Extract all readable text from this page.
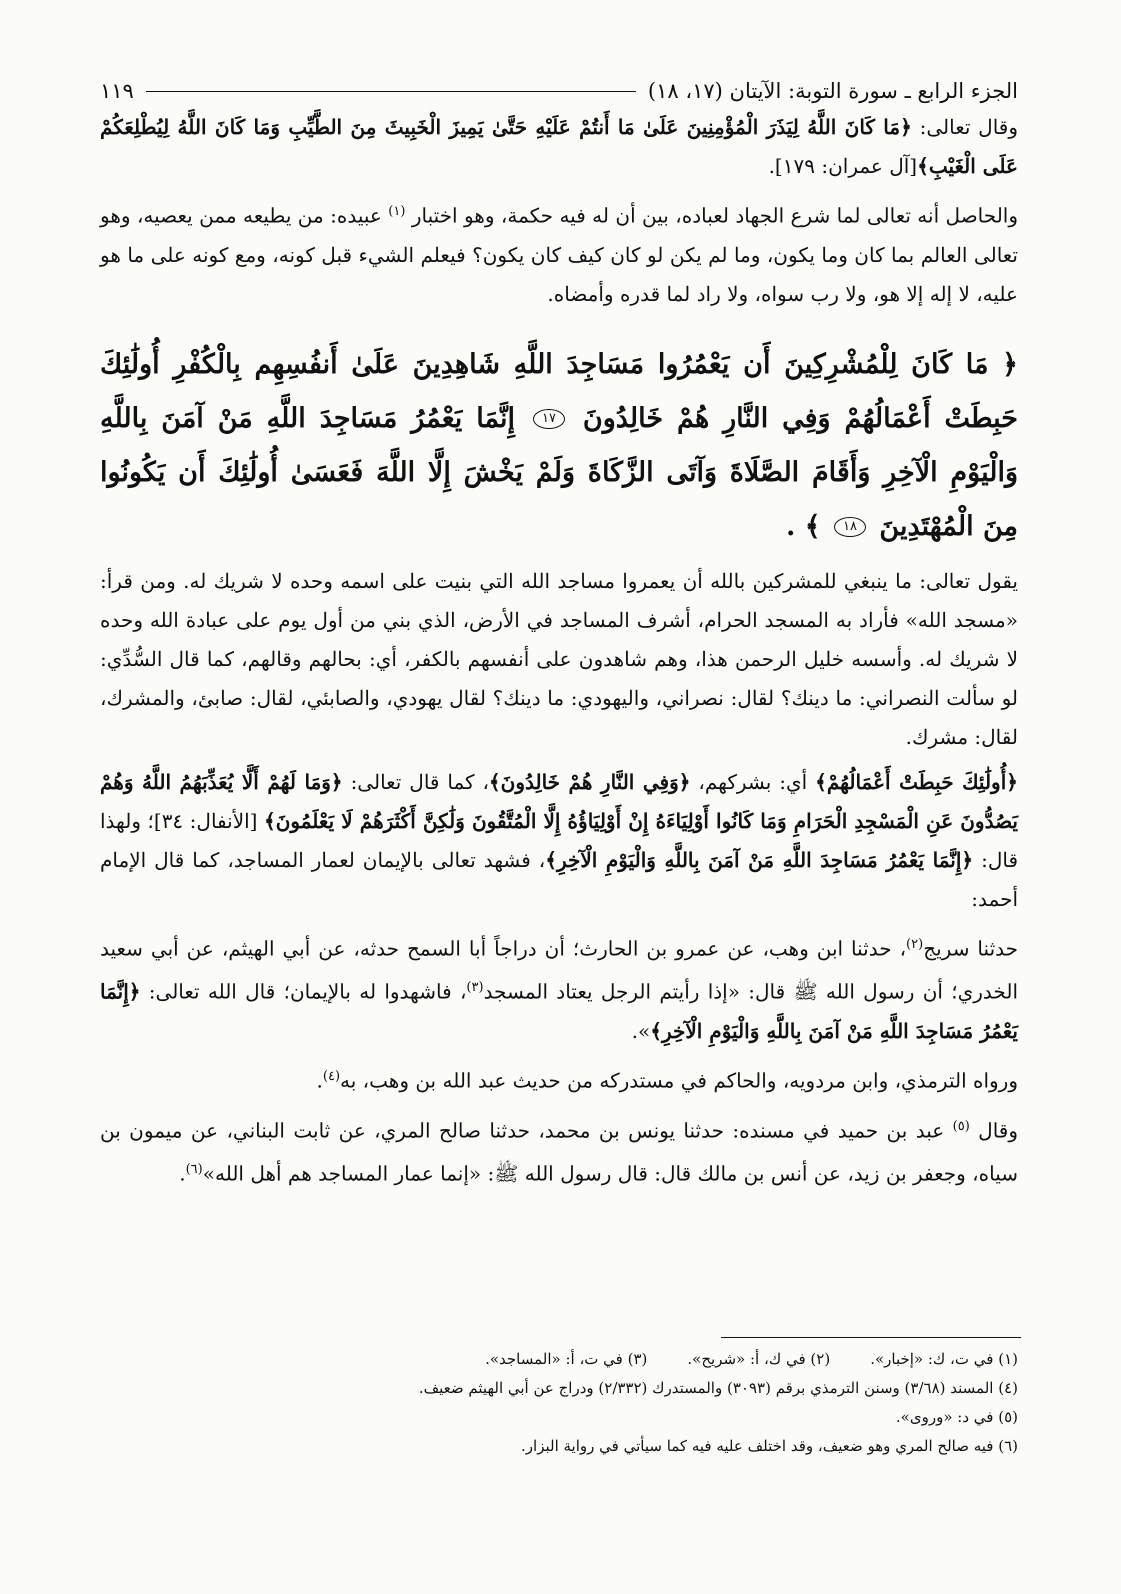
الجزء الرابع ـ سورة التوبة: الآيتان (١٧، ١٨)
١١٩

وقال تعالى: ﴿مَا كَانَ اللَّهُ لِيَذَرَ الْمُؤْمِنِينَ عَلَىٰ مَا أَنتُمْ عَلَيْهِ حَتَّىٰ يَمِيزَ الْخَبِيثَ مِنَ الطَّيِّبِ وَمَا كَانَ اللَّهُ لِيُطْلِعَكُمْ عَلَى الْغَيْبِ﴾[آل عمران: ١٧٩].

والحاصل أنه تعالى لما شرع الجهاد لعباده، بين أن له فيه حكمة، وهو اختبار $^{(١)}$ عبيده: من يطيعه ممن يعصيه، وهو تعالى العالم بما كان وما يكون، وما لم يكن لو كان كيف كان يكون؟ فيعلم الشيء قبل كونه، ومع كونه على ما هو عليه، لا إله إلا هو، ولا رب سواه، ولا راد لما قدره وأمضاه.

﴿ مَا كَانَ لِلْمُشْرِكِينَ أَن يَعْمُرُوا مَسَاجِدَ اللَّهِ شَاهِدِينَ عَلَىٰ أَنفُسِهِم بِالْكُفْرِ أُولَٰئِكَ حَبِطَتْ أَعْمَالُهُمْ وَفِي النَّارِ هُمْ خَالِدُونَ ١٧ إِنَّمَا يَعْمُرُ مَسَاجِدَ اللَّهِ مَنْ آمَنَ بِاللَّهِ وَالْيَوْمِ الْآخِرِ وَأَقَامَ الصَّلَاةَ وَآتَى الزَّكَاةَ وَلَمْ يَخْشَ إِلَّا اللَّهَ فَعَسَىٰ أُولَٰئِكَ أَن يَكُونُوا مِنَ الْمُهْتَدِينَ ١٨ ﴾ .

يقول تعالى: ما ينبغي للمشركين بالله أن يعمروا مساجد الله التي بنيت على اسمه وحده لا شريك له. ومن قرأ: «مسجد الله» فأراد به المسجد الحرام، أشرف المساجد في الأرض، الذي بني من أول يوم على عبادة الله وحده لا شريك له. وأسسه خليل الرحمن هذا، وهم شاهدون على أنفسهم بالكفر، أي: بحالهم وقالهم، كما قال السُّدِّي: لو سألت النصراني: ما دينك؟ لقال: نصراني، واليهودي: ما دينك؟ لقال يهودي، والصابئي، لقال: صابئ، والمشرك، لقال: مشرك.

﴿أُولَٰئِكَ حَبِطَتْ أَعْمَالُهُمْ﴾ أي: بشركهم، ﴿وَفِي النَّارِ هُمْ خَالِدُونَ﴾، كما قال تعالى: ﴿وَمَا لَهُمْ أَلَّا يُعَذِّبَهُمُ اللَّهُ وَهُمْ يَصُدُّونَ عَنِ الْمَسْجِدِ الْحَرَامِ وَمَا كَانُوا أَوْلِيَاءَهُ إِنْ أَوْلِيَاؤُهُ إِلَّا الْمُتَّقُونَ وَلَٰكِنَّ أَكْثَرَهُمْ لَا يَعْلَمُونَ﴾ [الأنفال: ٣٤]؛ ولهذا قال: ﴿إِنَّمَا يَعْمُرُ مَسَاجِدَ اللَّهِ مَنْ آمَنَ بِاللَّهِ وَالْيَوْمِ الْآخِرِ﴾، فشهد تعالى بالإيمان لعمار المساجد، كما قال الإمام أحمد:

حدثنا سريج$^{(٢)}$، حدثنا ابن وهب، عن عمرو بن الحارث؛ أن دراجاً أبا السمح حدثه، عن أبي الهيثم، عن أبي سعيد الخدري؛ أن رسول الله ﷺ قال: «إذا رأيتم الرجل يعتاد المسجد$^{(٣)}$، فاشهدوا له بالإيمان؛ قال الله تعالى: ﴿إِنَّمَا يَعْمُرُ مَسَاجِدَ اللَّهِ مَنْ آمَنَ بِاللَّهِ وَالْيَوْمِ الْآخِرِ﴾».

ورواه الترمذي، وابن مردويه، والحاكم في مستدركه من حديث عبد الله بن وهب، به$^{(٤)}$.

وقال $^{(٥)}$ عبد بن حميد في مسنده: حدثنا يونس بن محمد، حدثنا صالح المري، عن ثابت البناني، عن ميمون بن سياه، وجعفر بن زيد، عن أنس بن مالك قال: قال رسول الله ﷺ: «إنما عمار المساجد هم أهل الله»$^{(٦)}$.

(١) في ت، ك: «إخبار».
(٢) في ك، أ: «شريح».
(٣) في ت، أ: «المساجد».

(٤) المسند (٣/٦٨) وسنن الترمذي برقم (٣٠٩٣) والمستدرك (٢/٣٣٢) ودراج عن أبي الهيثم ضعيف.

(٥) في د: «وروى».

(٦) فيه صالح المري وهو ضعيف، وقد اختلف عليه فيه كما سيأتي في رواية البزار.
